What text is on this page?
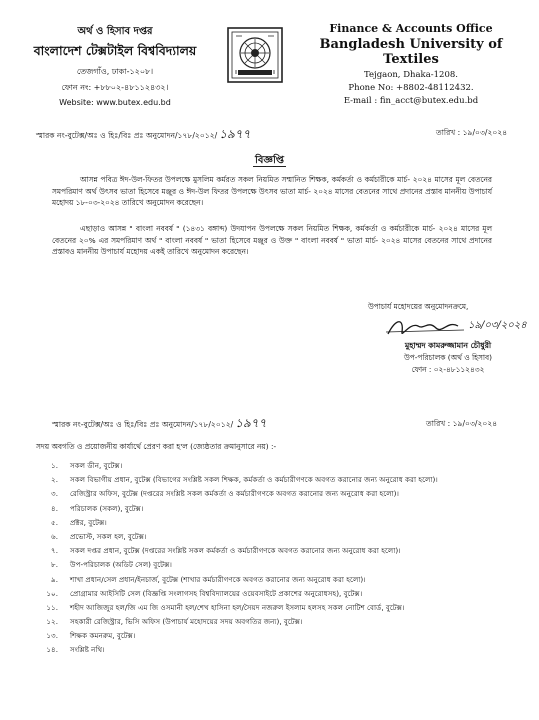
অর্থ ও হিসাব দপ্তর
বাংলাদেশ টেক্সটাইল বিশ্ববিদ্যালয়
তেজগাঁও, ঢাকা-১২০৮।
ফোন নং: +৮৮০২-৪৮১১২৪৩২।
Website: www.butex.edu.bd
Finance & Accounts Office
Bangladesh University of Textiles
Tejgaon, Dhaka-1208.
Phone No: +8802-48112432.
E-mail : fin_acct@butex.edu.bd
স্মারক নং-বুটেক্স/অঃ ও হিঃ/বিঃ প্রঃ অনুমোদন/১৭৮/২০১২/ ১৯৭৭	তারিখ : ১৯/০৩/২০২৪
বিজ্ঞপ্তি
আসন্ন পবিত্র ঈদ-উল-ফিতর উপলক্ষে মুসলিম কর্মরত সকল নিয়মিত সম্মানিত শিক্ষক, কর্মকর্তা ও কর্মচারীকে মার্চ- ২০২৪ মাসের মূল বেতনের সমপরিমাণ অর্থ উৎসব ভাতা হিসেবে মঞ্জুর ও ঈদ-উল ফিতর উপলক্ষে উৎসব ভাতা মার্চ- ২০২৪ মাসের বেতনের সাথে প্রদানের প্রস্তাব মাননীয় উপাচার্য মহোদয় ১৮-০৩-২০২৪ তারিখে অনুমোদন করেছেন।
এছাড়াও আসন্ন " বাংলা নববর্ষ " (১৪৩১ বঙ্গাব্দ) উদযাপন উপলক্ষে সকল নিয়মিত শিক্ষক, কর্মকর্তা ও কর্মচারীকে মার্চ- ২০২৪ মাসের মূল বেতনের ২০% এর সমপরিমাণ অর্থ " বাংলা নববর্ষ " ভাতা হিসেবে মঞ্জুর ও উক্ত " বাংলা নববর্ষ " ভাতা মার্চ- ২০২৪ মাসের বেতনের সাথে প্রদানের প্রস্তাবও মাননীয় উপাচার্য মহোদয় একই তারিখে অনুমোদন করেছেন।
উপাচার্য মহোদয়ের অনুমোদনক্রমে,
১৯/০৩/২০২৪
মুহাম্মদ কামরুজ্জামান চৌধুরী
উপ-পরিচালক (অর্থ ও হিসাব)
ফোন : ০২-৪৮১১২৪৩২
স্মারক নং-বুটেক্স/অঃ ও হিঃ/বিঃ প্রঃ অনুমোদন/১৭৮/২০১২/ ১৯৭৭	তারিখ : ১৯/০৩/২০২৪
সদয় অবগতি ও প্রয়োজনীয় কার্যার্থে প্রেরণ করা হ'ল (জ্যেষ্ঠতার ক্রমানুসারে নয়) :-
১. সকল ডীন, বুটেক্স।
২. সকল বিভাগীয় প্রধান, বুটেক্স (বিভাগের সংশ্লিষ্ট সকল শিক্ষক, কর্মকর্তা ও কর্মচারীগণকে অবগত করানোর জন্য অনুরোধ করা হলো)।
৩. রেজিস্ট্রার অফিস, বুটেক্স (দপ্তরের সংশ্লিষ্ট সকল কর্মকর্তা ও কর্মচারীগণকে অবগত করানোর জন্য অনুরোধ করা হলো)।
৪. পরিচালক (সকল), বুটেক্স।
৫. প্রক্টর, বুটেক্স।
৬. প্রভোস্ট, সকল হল, বুটেক্স।
৭. সকল দপ্তর প্রধান, বুটেক্স (দপ্তরের সংশ্লিষ্ট সকল কর্মকর্তা ও কর্মচারীগণকে অবগত করানোর জন্য অনুরোধ করা হলো)।
৮. উপ-পরিচালক (অডিট সেল) বুটেক্স।
৯. শাখা প্রধান/সেল প্রধান/ইনচার্জ, বুটেক্স (শাখার কর্মচারীগণকে অবগত করানোর জন্য অনুরোধ করা হলো)।
১০. প্রোগ্রামার আইসিটি সেল (বিজ্ঞপ্তি সংলাগসহ বিশ্ববিদ্যালয়ের ওয়েবসাইটে প্রকাশের অনুরোধসহ), বুটেক্স।
১১. শহীদ আজিজুর হল/জি এম জি ওসমানী হল/শেখ হাসিনা হল/সৈয়দ নজরুল ইসলাম হলসহ সকল নোটিশ বোর্ড, বুটেক্স।
১২. সহকারী রেজিস্ট্রার, ভিসি অফিস (উপাচার্য মহোদয়ের সদয় অবগতির জন্য), বুটেক্স।
১৩. শিক্ষক কমনরুম, বুটেক্স।
১৪. সংশ্লিষ্ট নথি।
